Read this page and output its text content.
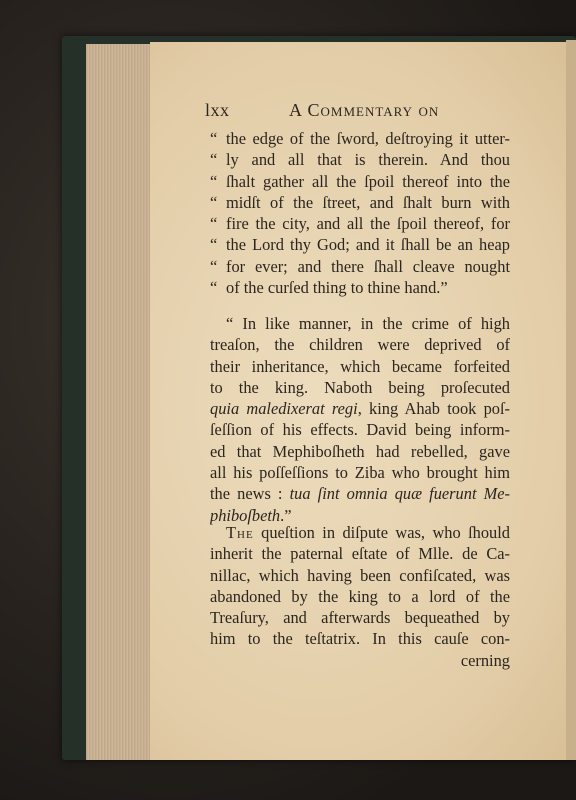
lxx	A Commentary on
“ the edge of the ſword, deſtroying it utter-
“ ly and all that is therein. And thou
“ ſhalt gather all the ſpoil thereof into the
“ midſt of the ſtreet, and ſhalt burn with
“ fire the city, and all the ſpoil thereof, for
“ the Lord thy God; and it ſhall be an heap
“ for ever; and there ſhall cleave nought
“ of the curſed thing to thine hand.”
“ In like manner, in the crime of high
treaſon, the children were deprived of
their inheritance, which became forfeited
to the king. Naboth being proſecuted
quia maledixerat regi, king Ahab took poſ-
ſeſſion of his effects. David being inform-
ed that Mephiboſheth had rebelled, gave
all his poſſeſſions to Ziba who brought him
the news : tua ſint omnia quæ fuerunt Me-
phiboſbeth.”
The queſtion in diſpute was, who ſhould
inherit the paternal eſtate of Mlle. de Ca-
nillac, which having been confiſcated, was
abandoned by the king to a lord of the
Treaſury, and afterwards bequeathed by
him to the teſtatrix. In this cauſe con-
cerning
